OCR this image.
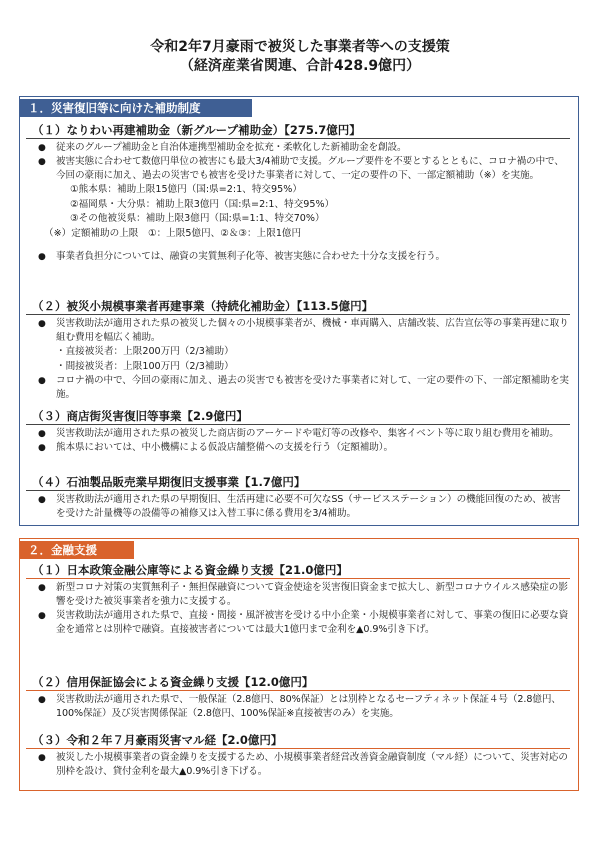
令和2年7月豪雨で被災した事業者等への支援策
（経済産業省関連、合計428.9億円）
１．災害復旧等に向けた補助制度
（１）なりわい再建補助金（新グループ補助金）【275.7億円】
● 従来のグループ補助金と自治体連携型補助金を拡充・柔軟化した新補助金を創設。
● 被害実態に合わせて数億円単位の被害にも最大3/4補助で支援。グループ要件を不要とするとともに、コロナ禍の中で、今回の豪雨に加え、過去の災害でも被害を受けた事業者に対して、一定の要件の下、一部定額補助（※）を実施。
①熊本県：補助上限15億円（国:県=2:1、特交95%）
②福岡県・大分県：補助上限3億円（国:県=2:1、特交95%）
③その他被災県：補助上限3億円（国:県=1:1、特交70%）
（※）定額補助の上限　①：上限5億円、②＆③：上限1億円
● 事業者負担分については、融資の実質無利子化等、被害実態に合わせた十分な支援を行う。
（２）被災小規模事業者再建事業（持続化補助金）【113.5億円】
● 災害救助法が適用された県の被災した個々の小規模事業者が、機械・車両購入、店舗改装、広告宣伝等の事業再建に取り組む費用を幅広く補助。
・直接被災者：上限200万円（2/3補助）
・間接被災者：上限100万円（2/3補助）
● コロナ禍の中で、今回の豪雨に加え、過去の災害でも被害を受けた事業者に対して、一定の要件の下、一部定額補助を実施。
（３）商店街災害復旧等事業【2.9億円】
● 災害救助法が適用された県の被災した商店街のアーケードや電灯等の改修や、集客イベント等に取り組む費用を補助。
● 熊本県においては、中小機構による仮設店舗整備への支援を行う（定額補助）。
（４）石油製品販売業早期復旧支援事業【1.7億円】
● 災害救助法が適用された県の早期復旧、生活再建に必要不可欠なSS（サービスステーション）の機能回復のため、被害を受けた計量機等の設備等の補修又は入替工事に係る費用を3/4補助。
２．金融支援
（１）日本政策金融公庫等による資金繰り支援【21.0億円】
● 新型コロナ対策の実質無利子・無担保融資について資金使途を災害復旧資金まで拡大し、新型コロナウイルス感染症の影響を受けた被災事業者を強力に支援する。
● 災害救助法が適用された県で、直接・間接・風評被害を受ける中小企業・小規模事業者に対して、事業の復旧に必要な資金を通常とは別枠で融資。直接被害者については最大1億円まで金利を▲0.9%引き下げ。
（２）信用保証協会による資金繰り支援【12.0億円】
● 災害救助法が適用された県で、一般保証（2.8億円、80%保証）とは別枠となるセーフティネット保証４号（2.8億円、100%保証）及び災害関係保証（2.8億円、100%保証※直接被害のみ）を実施。
（３）令和２年７月豪雨災害マル経【2.0億円】
● 被災した小規模事業者の資金繰りを支援するため、小規模事業者経営改善資金融資制度（マル経）について、災害対応の別枠を設け、貸付金利を最大▲0.9%引き下げる。
